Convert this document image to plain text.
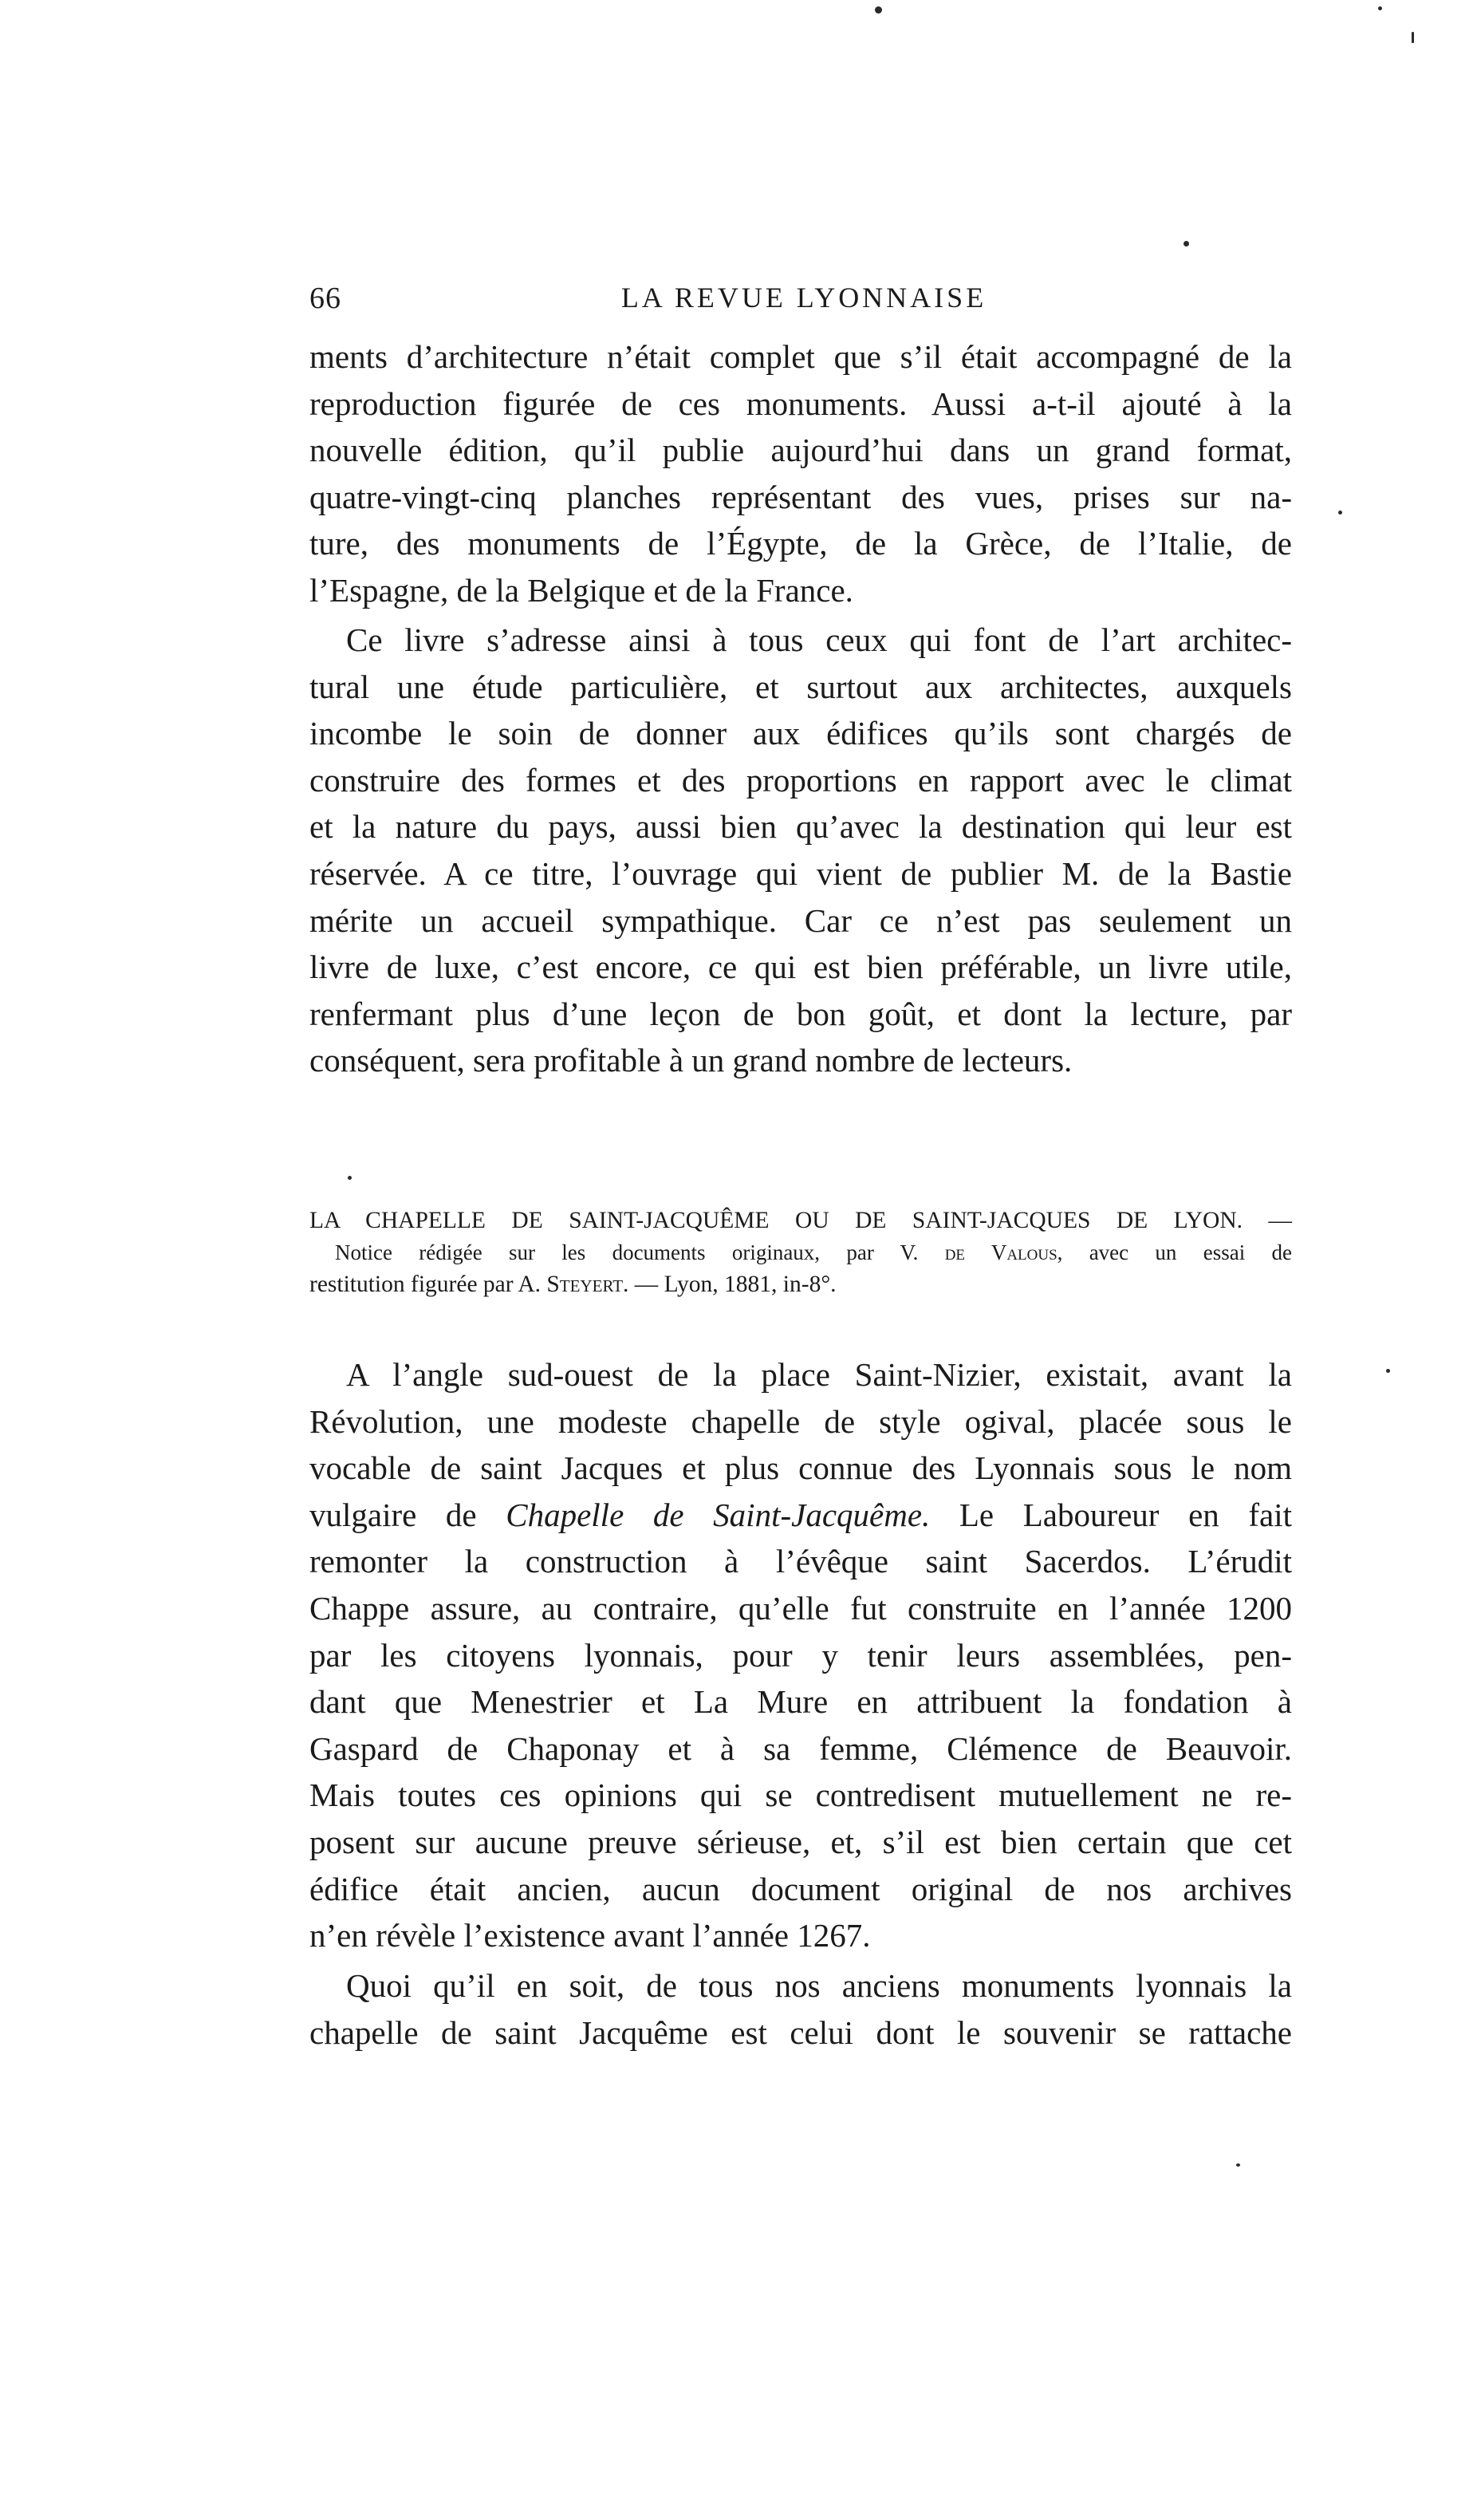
66	LA REVUE LYONNAISE
ments d’architecture n’était complet que s’il était accompagné de la
reproduction figurée de ces monuments. Aussi a-t-il ajouté à la
nouvelle édition, qu’il publie aujourd’hui dans un grand format,
quatre-vingt-cinq planches représentant des vues, prises sur na-
ture, des monuments de l’Égypte, de la Grèce, de l’Italie, de
l’Espagne, de la Belgique et de la France.
Ce livre s’adresse ainsi à tous ceux qui font de l’art architec-
tural une étude particulière, et surtout aux architectes, auxquels
incombe le soin de donner aux édifices qu’ils sont chargés de
construire des formes et des proportions en rapport avec le climat
et la nature du pays, aussi bien qu’avec la destination qui leur est
réservée. A ce titre, l’ouvrage qui vient de publier M. de la Bastie
mérite un accueil sympathique. Car ce n’est pas seulement un
livre de luxe, c’est encore, ce qui est bien préférable, un livre utile,
renfermant plus d’une leçon de bon goût, et dont la lecture, par
conséquent, sera profitable à un grand nombre de lecteurs.
LA CHAPELLE DE SAINT-JACQUÊME OU DE SAINT-JACQUES DE LYON. —
Notice rédigée sur les documents originaux, par V. de Valous, avec un essai de
restitution figurée par A. Steyert. — Lyon, 1881, in-8°.
A l’angle sud-ouest de la place Saint-Nizier, existait, avant la
Révolution, une modeste chapelle de style ogival, placée sous le
vocable de saint Jacques et plus connue des Lyonnais sous le nom
vulgaire de Chapelle de Saint-Jacquême. Le Laboureur en fait
remonter la construction à l’évêque saint Sacerdos. L’érudit
Chappe assure, au contraire, qu’elle fut construite en l’année 1200
par les citoyens lyonnais, pour y tenir leurs assemblées, pen-
dant que Menestrier et La Mure en attribuent la fondation à
Gaspard de Chaponay et à sa femme, Clémence de Beauvoir.
Mais toutes ces opinions qui se contredisent mutuellement ne re-
posent sur aucune preuve sérieuse, et, s’il est bien certain que cet
édifice était ancien, aucun document original de nos archives
n’en révèle l’existence avant l’année 1267.
Quoi qu’il en soit, de tous nos anciens monuments lyonnais la
chapelle de saint Jacquême est celui dont le souvenir se rattache
